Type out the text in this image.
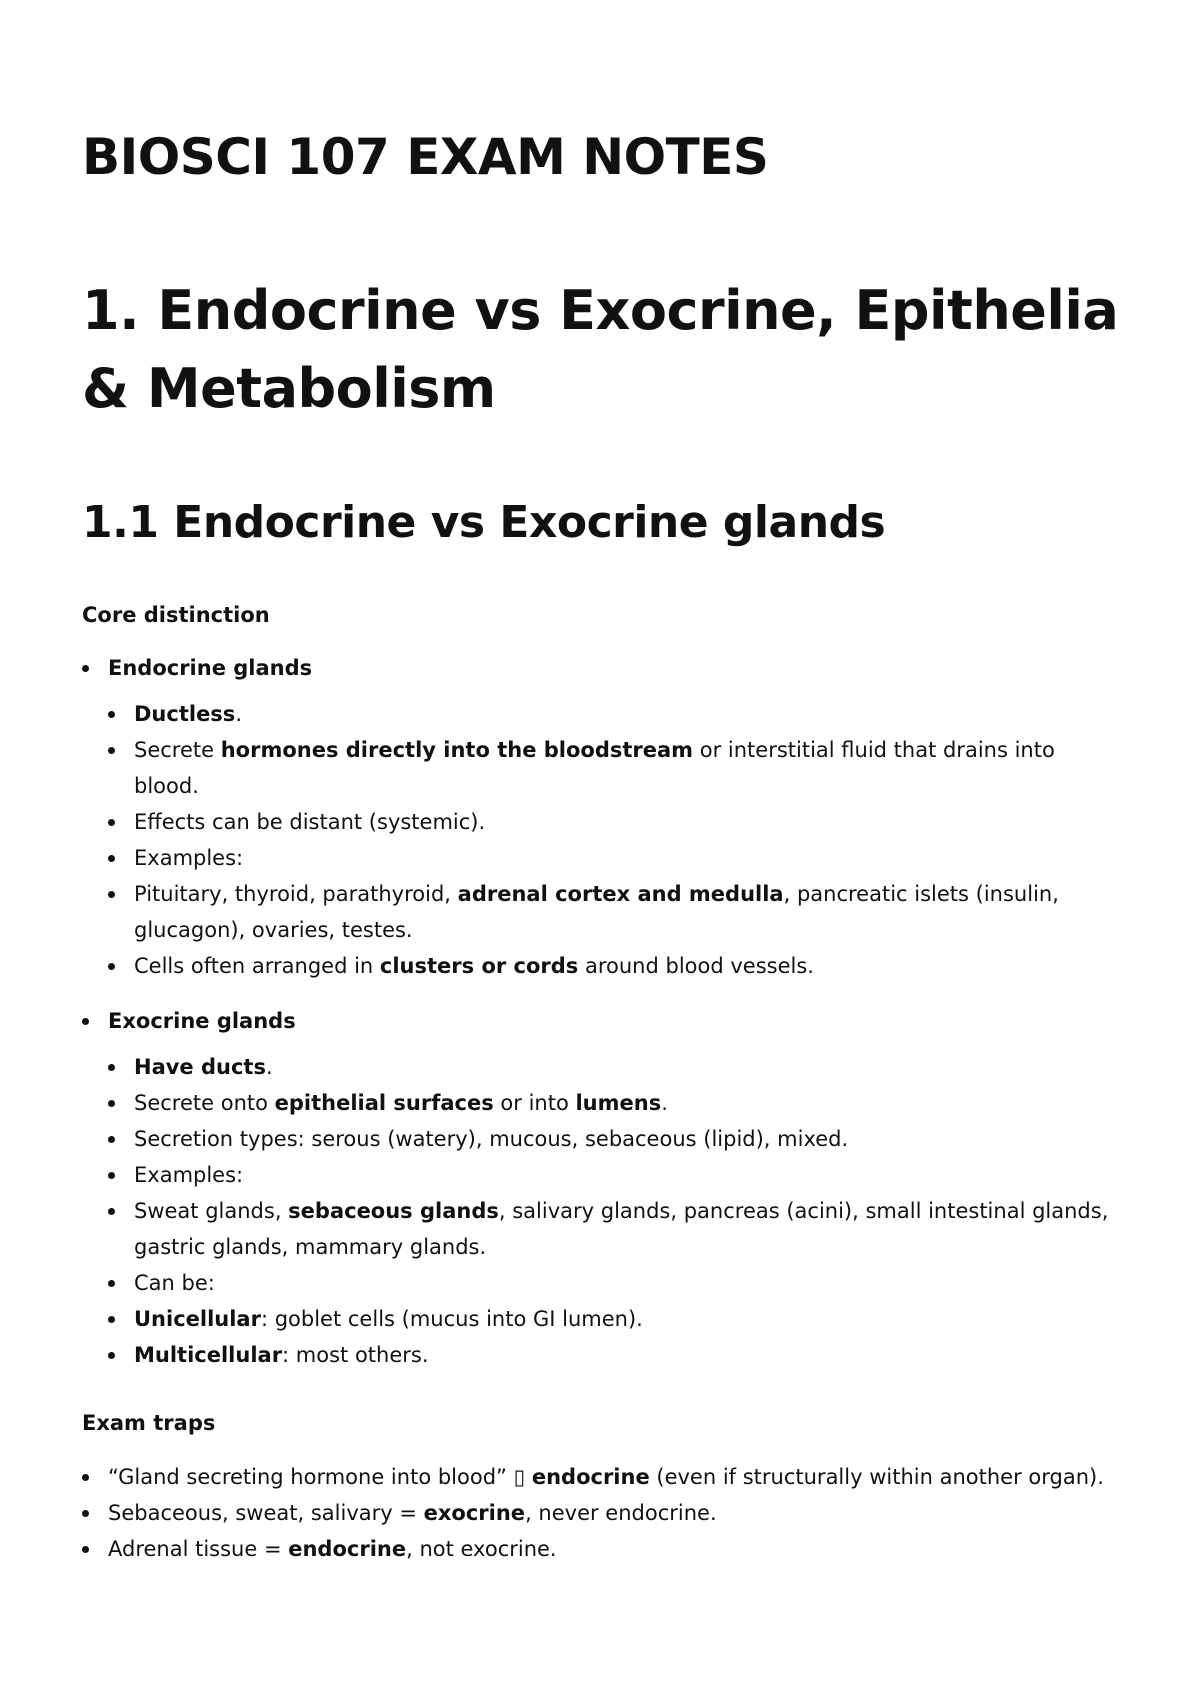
BIOSCI 107 EXAM NOTES
1. Endocrine vs Exocrine, Epithelia & Metabolism
1.1 Endocrine vs Exocrine glands

Core distinction

Endocrine glands
Ductless.
Secrete hormones directly into the bloodstream or interstitial fluid that drains into blood.
Effects can be distant (systemic).
Examples:
Pituitary, thyroid, parathyroid, adrenal cortex and medulla, pancreatic islets (insulin, glucagon), ovaries, testes.
Cells often arranged in clusters or cords around blood vessels.
Exocrine glands
Have ducts.
Secrete onto epithelial surfaces or into lumens.
Secretion types: serous (watery), mucous, sebaceous (lipid), mixed.
Examples:
Sweat glands, sebaceous glands, salivary glands, pancreas (acini), small intestinal glands, gastric glands, mammary glands.
Can be:
Unicellular: goblet cells (mucus into GI lumen).
Multicellular: most others.

Exam traps

“Gland secreting hormone into blood” ▯ endocrine (even if structurally within another organ).
Sebaceous, sweat, salivary = exocrine, never endocrine.
Adrenal tissue = endocrine, not exocrine.
